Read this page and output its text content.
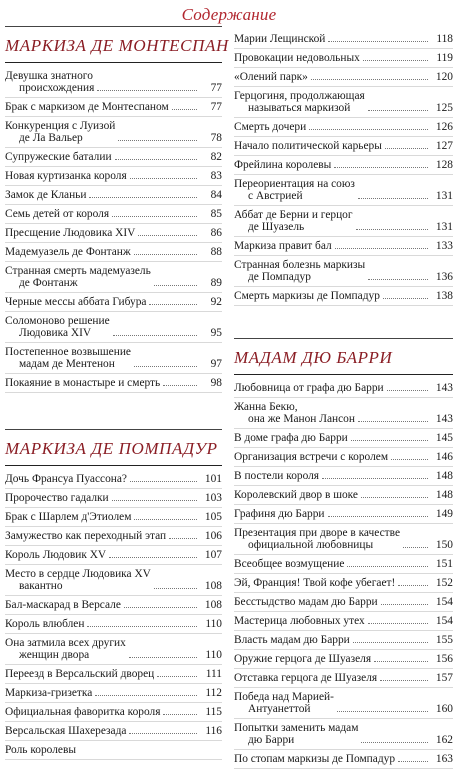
Содержание
МАРКИЗА ДЕ МОНТЕСПАН
Девушка знатного
происхождения	77
Брак с маркизом де Монтеспаном	77
Конкуренция с Луизой
де Ла Вальер	78
Супружеские баталии	82
Новая куртизанка короля	83
Замок де Кланьи	84
Семь детей от короля	85
Пресщение Людовика XIV	86
Мадемуазель де Фонтанж	88
Странная смерть мадемуазель
де Фонтанж	89
Черные мессы аббата Гибура	92
Соломоново решение
Людовика XIV	95
Постепенное возвышение
мадам де Ментенон	97
Покаяние в монастыре и смерть	98
МАРКИЗА ДЕ ПОМПАДУР
Дочь Франсуа Пуассона?	101
Пророчество гадалки	103
Брак с Шарлем д'Этиолем	105
Замужество как переходный этап	106
Король Людовик XV	107
Место в сердце Людовика XV
вакантно	108
Бал-маскарад в Версале	108
Король влюблен	110
Она затмила всех других
женщин двора	110
Переезд в Версальский дворец	111
Маркиза-гризетка	112
Официальная фаворитка короля	115
Версальская Шахерезада	116
Роль королевы
Марии Лещинской	118
Провокации недовольных	119
«Олений парк»	120
Герцогиня, продолжающая
называться маркизой	125
Смерть дочери	126
Начало политической карьеры	127
Фрейлина королевы	128
Переориентация на союз
с Австрией	131
Аббат де Берни и герцог
де Шуазель	131
Маркиза правит бал	133
Странная болезнь маркизы
де Помпадур	136
Смерть маркизы де Помпадур	138
МАДАМ ДЮ БАРРИ
Любовница от графа дю Барри	143
Жанна Бекю,
она же Манон Лансон	143
В доме графа дю Барри	145
Организация встречи с королем	146
В постели короля	148
Королевский двор в шоке	148
Графиня дю Барри	149
Презентация при дворе в качестве
официальной любовницы	150
Всеобщее возмущение	151
Эй, Франция! Твой кофе убегает!	152
Бесстыдство мадам дю Барри	154
Мастерица любовных утех	154
Власть мадам дю Барри	155
Оружие герцога де Шуазеля	156
Отставка герцога де Шуазеля	157
Победа над Марией-
Антуанеттой	160
Попытки заменить мадам
дю Барри	162
По стопам маркизы де Помпадур	163
